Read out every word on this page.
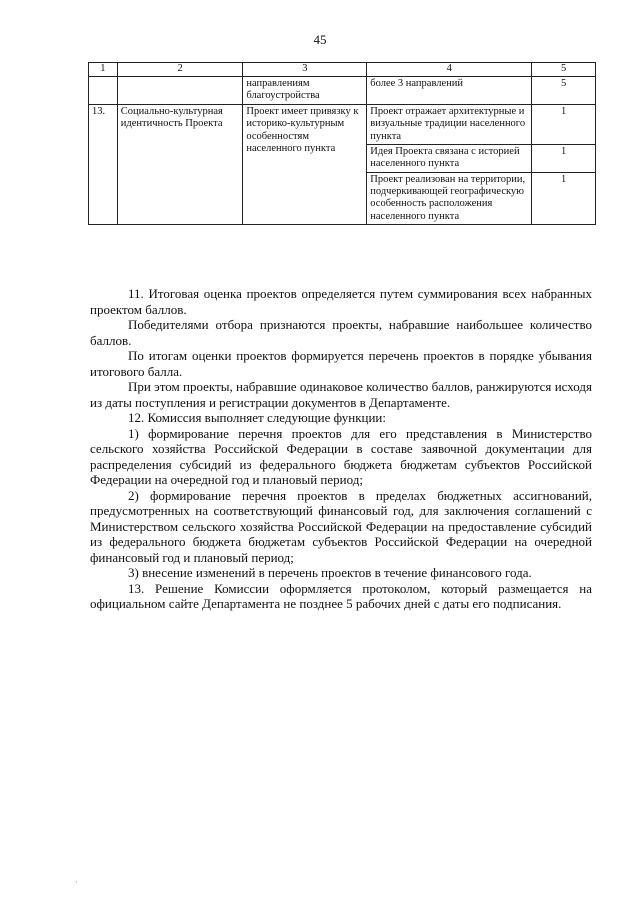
45
1	2	3	4	5
		направлениям благоустройства	более 3 направлений	5
13.	Социально-культурная идентичность Проекта	Проект имеет привязку к историко-культурным особенностям населенного пункта	Проект отражает архитектурные и визуальные традиции населенного пункта	1
			Идея Проекта связана с историей населенного пункта	1
			Проект реализован на территории, подчеркивающей географическую особенность расположения населенного пункта	1

11. Итоговая оценка проектов определяется путем суммирования всех набранных проектом баллов.

Победителями отбора признаются проекты, набравшие наибольшее количество баллов.

По итогам оценки проектов формируется перечень проектов в порядке убывания итогового балла.

При этом проекты, набравшие одинаковое количество баллов, ранжируются исходя из даты поступления и регистрации документов в Департаменте.

12. Комиссия выполняет следующие функции:

1) формирование перечня проектов для его представления в Министерство сельского хозяйства Российской Федерации в составе заявочной документации для распределения субсидий из федерального бюджета бюджетам субъектов Российской Федерации на очередной год и плановый период;

2) формирование перечня проектов в пределах бюджетных ассигнований, предусмотренных на соответствующий финансовый год, для заключения соглашений с Министерством сельского хозяйства Российской Федерации на предоставление субсидий из федерального бюджета бюджетам субъектов Российской Федерации на очередной финансовый год и плановый период;

3) внесение изменений в перечень проектов в течение финансового года.

13. Решение Комиссии оформляется протоколом, который размещается на официальном сайте Департамента не позднее 5 рабочих дней с даты его подписания.

·
